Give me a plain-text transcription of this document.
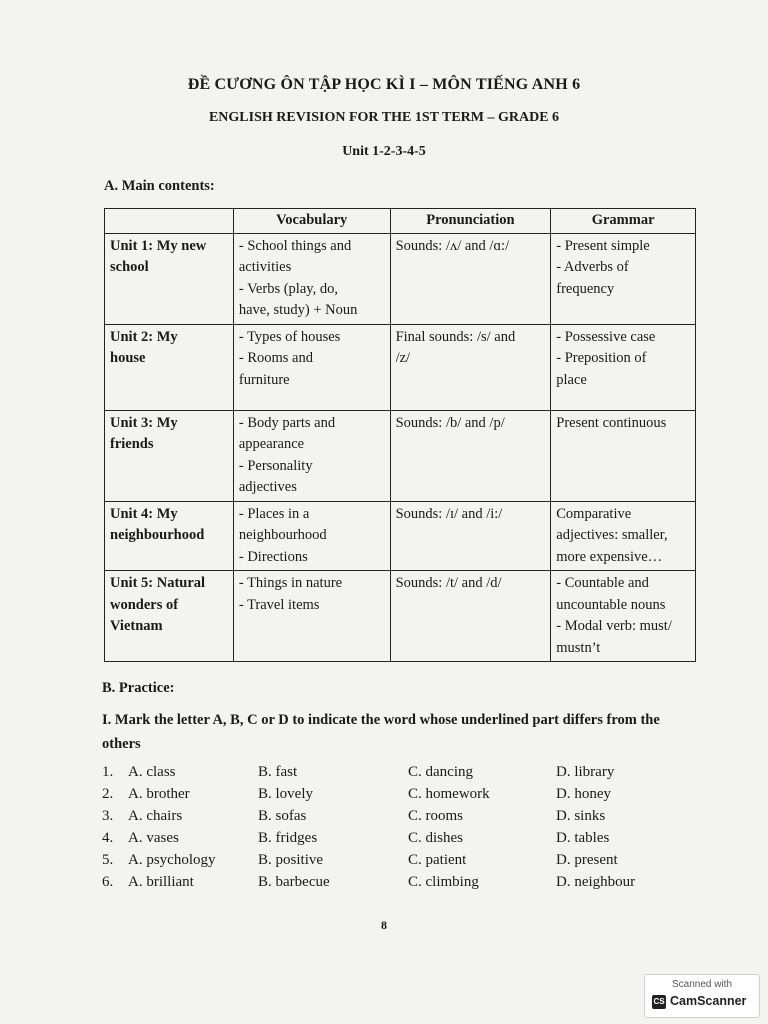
ĐỀ CƯƠNG ÔN TẬP HỌC KÌ I – MÔN TIẾNG ANH 6
ENGLISH REVISION FOR THE 1ST TERM – GRADE 6
Unit 1-2-3-4-5
A. Main contents:
	Vocabulary	Pronunciation	Grammar

Unit 1: My new
school	- School things and
activities
- Verbs (play, do,
have, study) + Noun	Sounds: /ʌ/ and /ɑ:/	- Present simple
- Adverbs of
frequency

Unit 2: My
house	- Types of houses
- Rooms and
furniture	Final sounds: /s/ and
/z/	- Possessive case
- Preposition of
place

Unit 3: My
friends	- Body parts and
appearance
- Personality
adjectives	Sounds: /b/ and /p/	Present continuous

Unit 4: My
neighbourhood	- Places in a
neighbourhood
- Directions	Sounds: /ɪ/ and /i:/	Comparative
adjectives: smaller,
more expensive…

Unit 5: Natural
wonders of
Vietnam	- Things in nature
- Travel items	Sounds: /t/ and /d/	- Countable and
uncountable nouns
- Modal verb: must/
mustn’t
B. Practice:
I. Mark the letter A, B, C or D to indicate the word whose underlined part differs from the others
1. A. class	B. fast	C. dancing	D. library
2. A. brother	B. lovely	C. homework	D. honey
3. A. chairs	B. sofas	C. rooms	D. sinks
4. A. vases	B. fridges	C. dishes	D. tables
5. A. psychology	B. positive	C. patient	D. present
6. A. brilliant	B. barbecue	C. climbing	D. neighbour
8
Scanned with
CS CamScanner
